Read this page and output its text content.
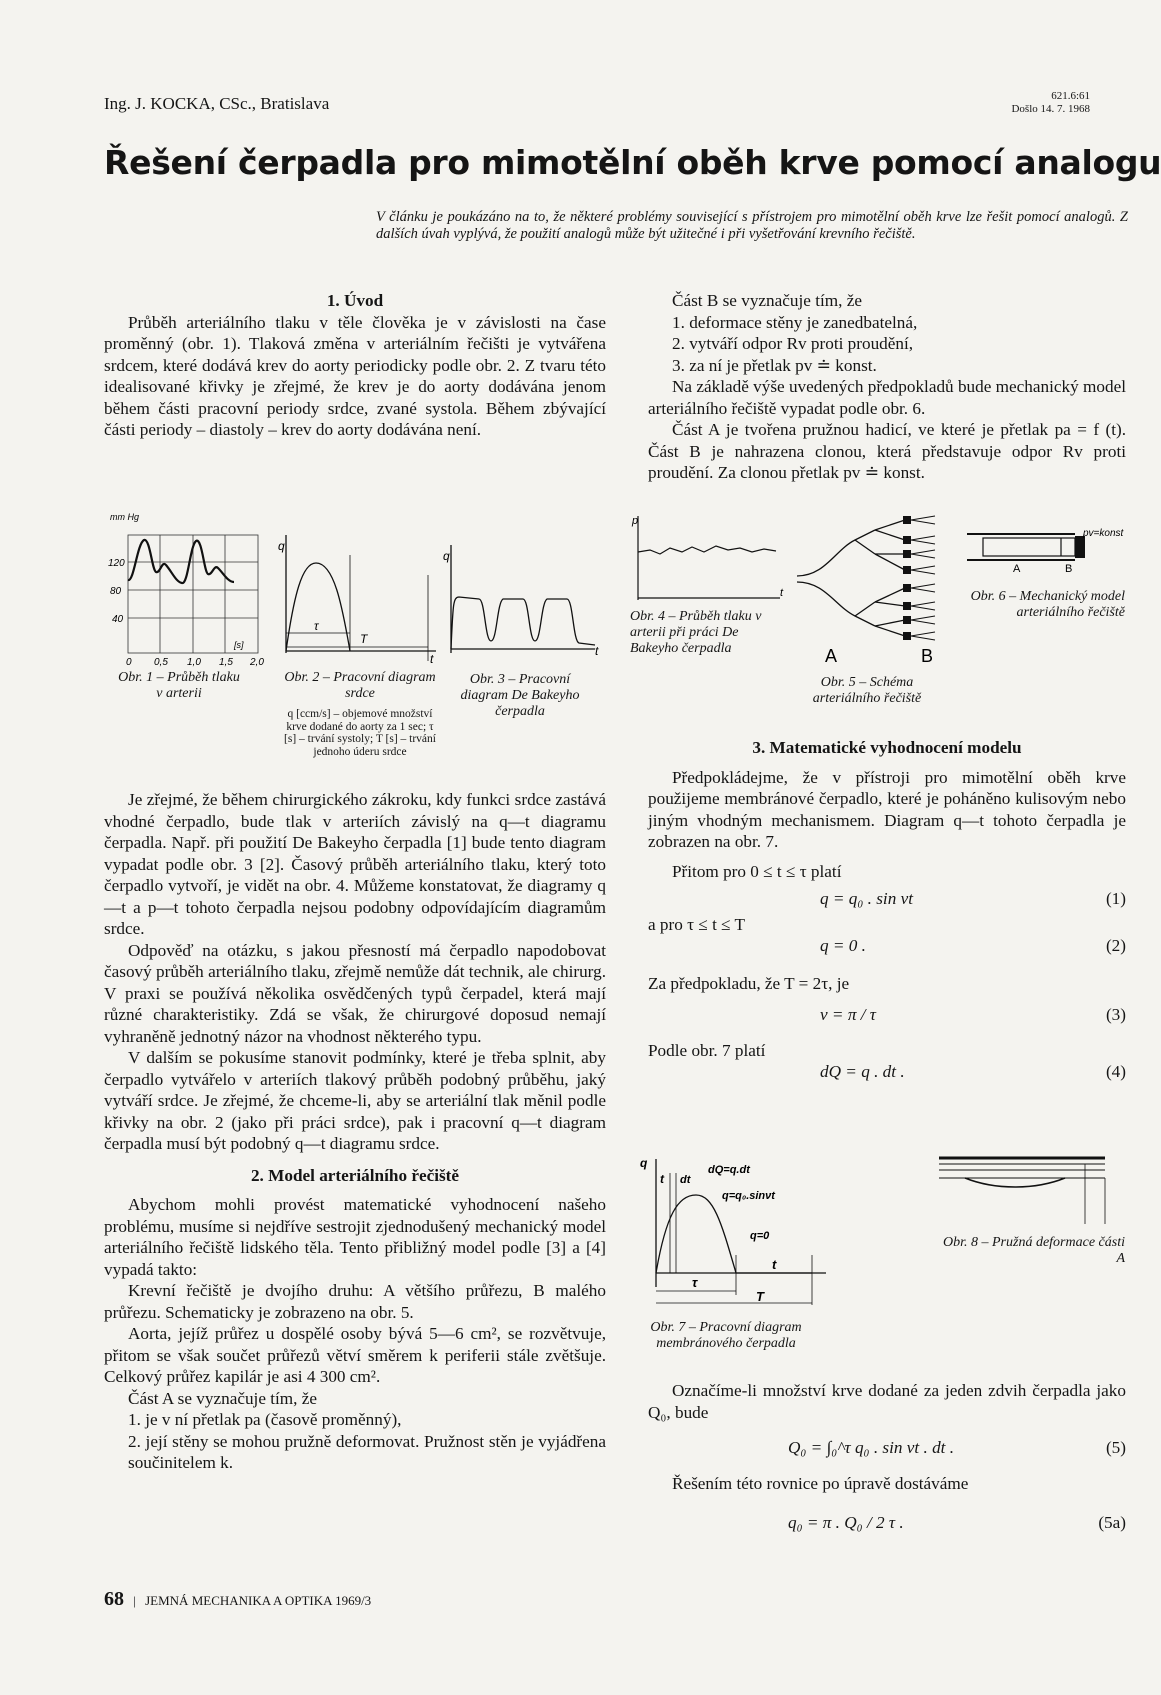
Ing. J. KOCKA, CSc., Bratislava	621.6:61
Došlo 14. 7. 1968
Řešení čerpadla pro mimotělní oběh krve pomocí analogu
V článku je poukázáno na to, že některé problémy související s přístrojem pro mimotělní oběh krve lze řešit pomocí analogů. Z dalších úvah vyplývá, že použití analogů může být užitečné i při vyšetřování krevního řečiště.

1. Úvod

Průběh arteriálního tlaku v těle člověka je v závislosti na čase proměnný (obr. 1). Tlaková změna v arteriálním řečišti je vytvářena srdcem, které dodává krev do aorty periodicky podle obr. 2. Z tvaru této idealisované křivky je zřejmé, že krev je do aorty dodávána jenom během části pracovní periody srdce, zvané systola. Během zbývající části periody – diastoly – krev do aorty dodávána není.

mm Hg
120
80
40
0 0,5 1,0 1,5 2,0
[s]
Obr. 1 – Průběh tlaku v arterii
q
τ
T
t
Obr. 2 – Pracovní diagram srdce
q [ccm/s] – objemové množství krve dodané do aorty za 1 sec; τ [s] – trvání systoly; T [s] – trvání jednoho úderu srdce
q
t
Obr. 3 – Pracovní diagram De Bakeyho čerpadla

Je zřejmé, že během chirurgického zákroku, kdy funkci srdce zastává vhodné čerpadlo, bude tlak v arteriích závislý na q—t diagramu čerpadla. Např. při použití De Bakeyho čerpadla [1] bude tento diagram vypadat podle obr. 3 [2]. Časový průběh arteriálního tlaku, který toto čerpadlo vytvoří, je vidět na obr. 4. Můžeme konstatovat, že diagramy q—t a p—t tohoto čerpadla nejsou podobny odpovídajícím diagramům srdce.

Odpověď na otázku, s jakou přesností má čerpadlo napodobovat časový průběh arteriálního tlaku, zřejmě nemůže dát technik, ale chirurg. V praxi se používá několika osvědčených typů čerpadel, která mají různé charakteristiky. Zdá se však, že chirurgové doposud nemají vyhraněně jednotný názor na vhodnost některého typu.

V dalším se pokusíme stanovit podmínky, které je třeba splnit, aby čerpadlo vytvářelo v arteriích tlakový průběh podobný průběhu, jaký vytváří srdce. Je zřejmé, že chceme-li, aby se arteriální tlak měnil podle křivky na obr. 2 (jako při práci srdce), pak i pracovní q—t diagram čerpadla musí být podobný q—t diagramu srdce.

2. Model arteriálního řečiště

Abychom mohli provést matematické vyhodnocení našeho problému, musíme si nejdříve sestrojit zjednodušený mechanický model arteriálního řečiště lidského těla. Tento přibližný model podle [3] a [4] vypadá takto:

Krevní řečiště je dvojího druhu: A většího průřezu, B malého průřezu. Schematicky je zobrazeno na obr. 5.

Aorta, jejíž průřez u dospělé osoby bývá 5—6 cm², se rozvětvuje, přitom se však součet průřezů větví směrem k periferii stále zvětšuje. Celkový průřez kapilár je asi 4 300 cm².

Část A se vyznačuje tím, že

1. je v ní přetlak pa (časově proměnný),
2. její stěny se mohou pružně deformovat. Pružnost stěn je vyjádřena součinitelem k.

Část B se vyznačuje tím, že

1. deformace stěny je zanedbatelná,
2. vytváří odpor Rv proti proudění,
3. za ní je přetlak pv ≐ konst.

Na základě výše uvedených předpokladů bude mechanický model arteriálního řečiště vypadat podle obr. 6.

Část A je tvořena pružnou hadicí, ve které je přetlak pa = f (t). Část B je nahrazena clonou, která představuje odpor Rv proti proudění. Za clonou přetlak pv ≐ konst.

p
t
Obr. 4 – Průběh tlaku v arterii při práci De Bakeyho čerpadla	A	B
Obr. 5 – Schéma arteriálního řečiště
pv=konst
A	B
Obr. 6 – Mechanický model arteriálního řečiště

3. Matematické vyhodnocení modelu

Předpokládejme, že v přístroji pro mimotělní oběh krve použijeme membránové čerpadlo, které je poháněno kulisovým nebo jiným vhodným mechanismem. Diagram q—t tohoto čerpadla je zobrazen na obr. 7.

Přitom pro 0 ≤ t ≤ τ platí

q = q₀ . sin νt	(1)

a pro τ ≤ t ≤ T

q = 0 .	(2)

Za předpokladu, že T = 2τ, je

ν = π / τ	(3)

Podle obr. 7 platí

dQ = q . dt .	(4)
q
t dt
dQ=q.dt
q=q₀.sinνt
q=0
t
τ
T
Obr. 7 – Pracovní diagram membránového čerpadla
Obr. 8 – Pružná deformace části A

Označíme-li množství krve dodané za jeden zdvih čerpadla jako Q₀, bude

Q₀ = ∫₀^τ q₀ . sin νt . dt .	(5)

Řešením této rovnice po úpravě dostáváme

q₀ = π . Q₀ / 2 τ .	(5a)
68 | JEMNÁ MECHANIKA A OPTIKA 1969/3
